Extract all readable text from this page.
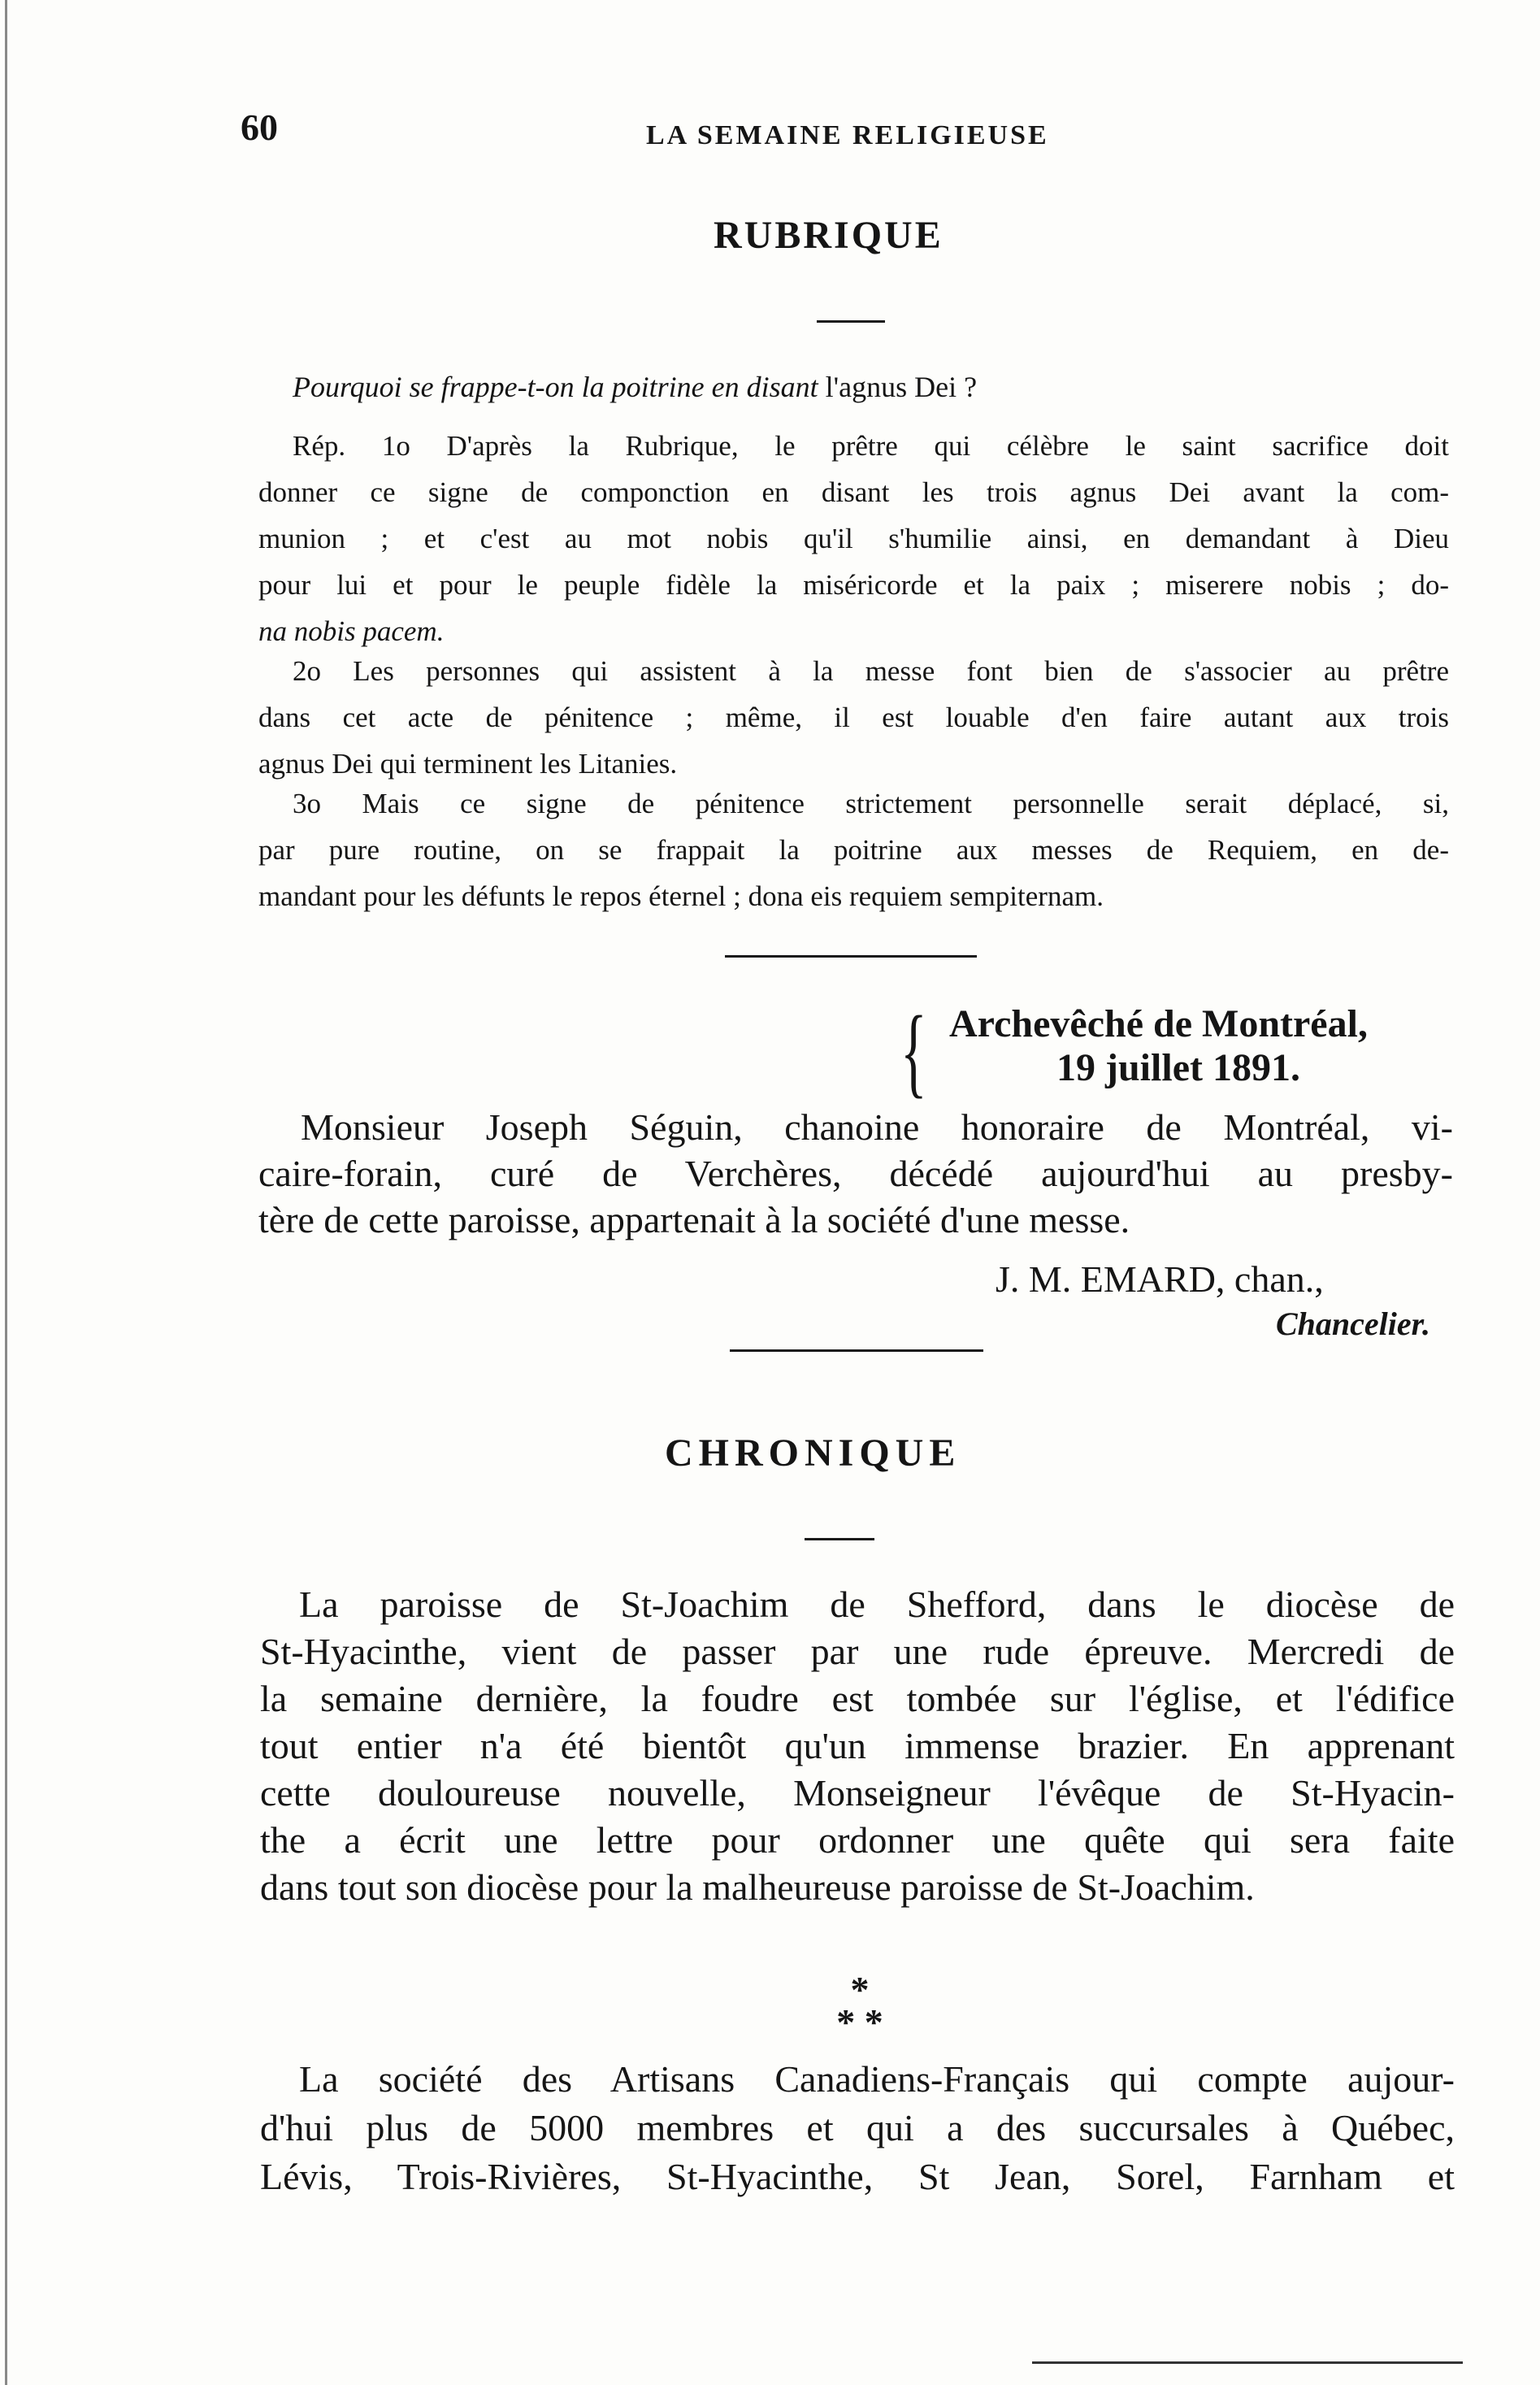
60	LA SEMAINE RELIGIEUSE
RUBRIQUE
Pourquoi se frappe-t-on la poitrine en disant l'agnus Dei ?
Rép. 1o D'après la Rubrique, le prêtre qui célèbre le saint sacrifice doit
donner ce signe de componction en disant les trois agnus Dei avant la com-
munion ; et c'est au mot nobis qu'il s'humilie ainsi, en demandant à Dieu
pour lui et pour le peuple fidèle la miséricorde et la paix ; miserere nobis ; do-
na nobis pacem.
2o Les personnes qui assistent à la messe font bien de s'associer au prêtre
dans cet acte de pénitence ; même, il est louable d'en faire autant aux trois
agnus Dei qui terminent les Litanies.
3o Mais ce signe de pénitence strictement personnelle serait déplacé, si,
par pure routine, on se frappait la poitrine aux messes de Requiem, en de-
mandant pour les défunts le repos éternel ; dona eis requiem sempiternam.
{ Archevêché de Montréal,
19 juillet 1891.
Monsieur Joseph Séguin, chanoine honoraire de Montréal, vi-
caire-forain, curé de Verchères, décédé aujourd'hui au presby-
tère de cette paroisse, appartenait à la société d'une messe.
J. M. EMARD, chan.,
Chancelier.
CHRONIQUE
La paroisse de St-Joachim de Shefford, dans le diocèse de
St-Hyacinthe, vient de passer par une rude épreuve. Mercredi de
la semaine dernière, la foudre est tombée sur l'église, et l'édifice
tout entier n'a été bientôt qu'un immense brazier. En apprenant
cette douloureuse nouvelle, Monseigneur l'évêque de St-Hyacin-
the a écrit une lettre pour ordonner une quête qui sera faite
dans tout son diocèse pour la malheureuse paroisse de St-Joachim.
*
* *
La société des Artisans Canadiens-Français qui compte aujour-
d'hui plus de 5000 membres et qui a des succursales à Québec,
Lévis, Trois-Rivières, St-Hyacinthe, St Jean, Sorel, Farnham et
